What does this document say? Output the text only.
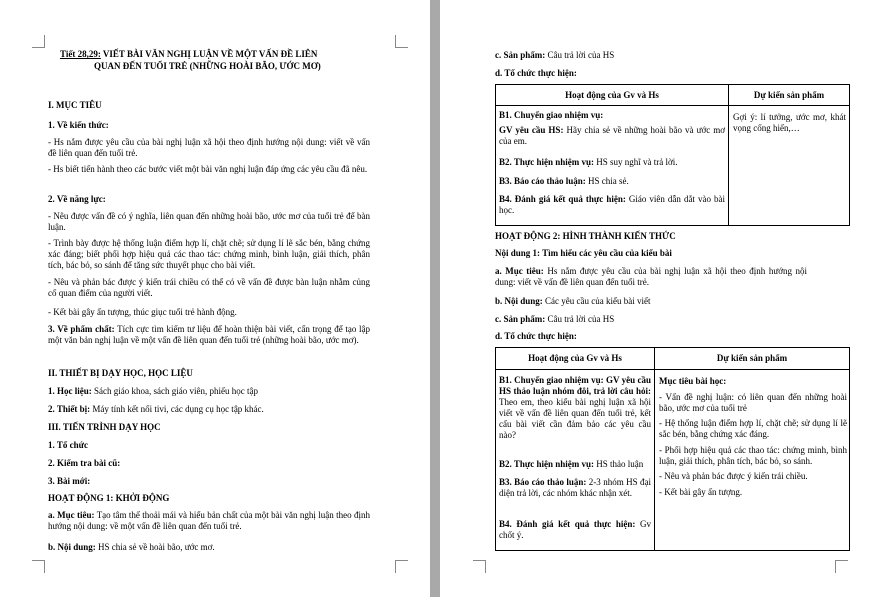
Tiết 28,29: VIẾT BÀI VĂN NGHỊ LUẬN VỀ MỘT VẤN ĐỀ LIÊN
QUAN ĐẾN TUỔI TRẺ (NHỮNG HOÀI BÃO, ƯỚC MƠ)
I. MỤC TIÊU
1. Về kiến thức:
- Hs nắm được yêu cầu của bài nghị luận xã hội theo định hướng nội dung: viết về vấn đề liên quan đến tuổi trẻ.
- Hs biết tiến hành theo các bước viết một bài văn nghị luận đáp ứng các yêu cầu đã nêu.
2. Về năng lực:
- Nêu được vấn đề có ý nghĩa, liên quan đến những hoài bão, ước mơ của tuổi trẻ để bàn luận.
- Trình bày được hệ thống luận điểm hợp lí, chặt chẽ; sử dụng lí lẽ sắc bén, bằng chứng xác đáng; biết phối hợp hiệu quả các thao tác: chứng minh, bình luận, giải thích, phân tích, bác bỏ, so sánh để tăng sức thuyết phục cho bài viết.
- Nêu và phản bác được ý kiến trái chiều có thể có về vấn đề được bàn luận nhằm củng cố quan điểm của người viết.
- Kết bài gây ấn tượng, thúc giục tuổi trẻ hành động.
3. Về phẩm chất: Tích cực tìm kiếm tư liệu để hoàn thiện bài viết, cẩn trọng để tạo lập một văn bản nghị luận về một vấn đề liên quan đến tuổi trẻ (những hoài bão, ước mơ).
II. THIẾT BỊ DẠY HỌC, HỌC LIỆU
1. Học liệu: Sách giáo khoa, sách giáo viên, phiếu học tập
2. Thiết bị: Máy tính kết nối tivi, các dụng cụ học tập khác.
III. TIẾN TRÌNH DẠY HỌC
1. Tổ chức
2. Kiểm tra bài cũ:
3. Bài mới:
HOẠT ĐỘNG 1: KHỞI ĐỘNG
a. Mục tiêu: Tạo tâm thế thoải mái và hiểu bản chất của một bài văn nghị luận theo định hướng nội dung: về một vấn đề liên quan đến tuổi trẻ.
b. Nội dung: HS chia sẻ về hoài bão, ước mơ.
c. Sản phẩm: Câu trả lời của HS
d. Tổ chức thực hiện:
Hoạt động của Gv và Hs	Dự kiến sản phẩm
B1. Chuyển giao nhiệm vụ:
GV yêu cầu HS: Hãy chia sẻ về những hoài bão và ước mơ của em.
B2. Thực hiện nhiệm vụ: HS suy nghĩ và trả lời.
B3. Báo cáo thảo luận: HS chia sẻ.
B4. Đánh giá kết quả thực hiện: Giáo viên dẫn dắt vào bài học.
Gợi ý: lí tưởng, ước mơ, khát vọng cống hiến,…
HOẠT ĐỘNG 2: HÌNH THÀNH KIẾN THỨC
Nội dung 1: Tìm hiểu các yêu cầu của kiểu bài
a. Mục tiêu: Hs nắm được yêu cầu của bài nghị luận xã hội theo định hướng nội dung: viết về vấn đề liên quan đến tuổi trẻ.
b. Nội dung: Các yêu cầu của kiểu bài viết
c. Sản phẩm: Câu trả lời của HS
d. Tổ chức thực hiện:
Hoạt động của Gv và Hs	Dự kiến sản phẩm
B1. Chuyển giao nhiệm vụ: GV yêu cầu HS thảo luận nhóm đôi, trả lời câu hỏi: Theo em, theo kiểu bài nghị luận xã hội viết về vấn đề liên quan đến tuổi trẻ, kết cấu bài viết cần đảm bảo các yêu cầu nào?
B2. Thực hiện nhiệm vụ: HS thảo luận
B3. Báo cáo thảo luận: 2-3 nhóm HS đại diện trả lời, các nhóm khác nhận xét.
B4. Đánh giá kết quả thực hiện: Gv chốt ý.
Mục tiêu bài học:
- Vấn đề nghị luận: có liên quan đến những hoài bão, ước mơ của tuổi trẻ
- Hệ thống luận điểm hợp lí, chặt chẽ; sử dụng lí lẽ sắc bén, bằng chứng xác đáng.
- Phối hợp hiệu quả các thao tác: chứng minh, bình luận, giải thích, phân tích, bác bỏ, so sánh.
- Nêu và phản bác được ý kiến trái chiều.
- Kết bài gây ấn tượng.
